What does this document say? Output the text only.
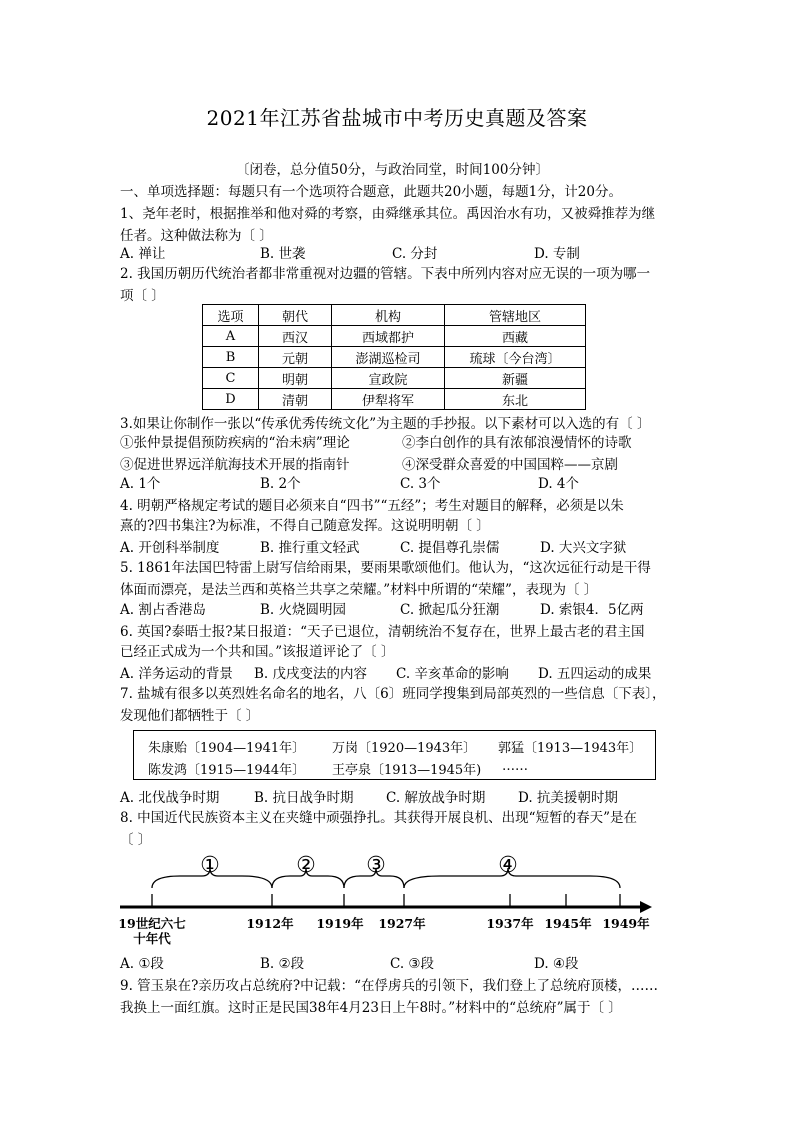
2021年江苏省盐城市中考历史真题及答案
〔闭卷，总分值50分，与政治同堂，时间100分钟〕
一、单项选择题：每题只有一个选项符合题意，此题共20小题，每题1分，计20分。
1、尧年老时，根据推举和他对舜的考察，由舜继承其位。禹因治水有功，又被舜推荐为继
任者。这种做法称为〔 〕
A. 禅让	B. 世袭	C. 分封	D. 专制
2. 我国历朝历代统治者都非常重视对边疆的管辖。下表中所列内容对应无误的一项为哪一
项〔 〕
选项	朝代	机构	管辖地区
A	西汉	西域都护	西藏
B	元朝	澎湖巡检司	琉球〔今台湾〕
C	明朝	宣政院	新疆
D	清朝	伊犁将军	东北
3.如果让你制作一张以“传承优秀传统文化”为主题的手抄报。以下素材可以入选的有〔 〕
①张仲景提倡预防疾病的“治未病”理论	②李白创作的具有浓郁浪漫情怀的诗歌
③促进世界远洋航海技术开展的指南针	④深受群众喜爱的中国国粹——京剧
A. 1个	B. 2个	C. 3个	D. 4个
4. 明朝严格规定考试的题目必须来自“四书”“五经”；考生对题目的解释，必须是以朱
熹的?四书集注?为标准，不得自己随意发挥。这说明明朝〔 〕
A. 开创科举制度	B. 推行重文轻武	C. 提倡尊孔崇儒	D. 大兴文字狱
5. 1861年法国巴特雷上尉写信给雨果，要雨果歌颂他们。他认为，“这次远征行动是干得
体面而漂亮，是法兰西和英格兰共享之荣耀。”材料中所谓的“荣耀”，表现为〔 〕
A. 割占香港岛	B. 火烧圆明园	C. 掀起瓜分狂潮	D. 索银4．5亿两
6. 英国?泰晤士报?某日报道：“天子已退位，清朝统治不复存在，世界上最古老的君主国
已经正式成为一个共和国。”该报道评论了〔 〕
A. 洋务运动的背景 B. 戊戌变法的内容 C. 辛亥革命的影响 D. 五四运动的成果
7. 盐城有很多以英烈姓名命名的地名，八〔6〕班同学搜集到局部英烈的一些信息〔下表〕，
发现他们都牺牲于〔 〕
朱康贻〔1904—1941年〕 万岗〔1920—1943年〕 郭猛〔1913—1943年〕
陈发鸿〔1915—1944年〕 王亭泉〔1913—1945年) ……
A. 北伐战争时期	B. 抗日战争时期 C. 解放战争时期 D. 抗美援朝时期
8. 中国近代民族资本主义在夹缝中顽强挣扎。其获得开展良机、出现“短暂的春天”是在
〔 〕
①	② ③	④
19世纪六七
十年代
1912年 1919年 1927年	1937年 1945年 1949年
A. ①段	B. ②段	C. ③段	D. ④段
9. 管玉泉在?亲历攻占总统府?中记载：“在俘虏兵的引领下，我们登上了总统府顶楼，……
我换上一面红旗。这时正是民国38年4月23日上午8时。”材料中的“总统府”属于〔 〕
